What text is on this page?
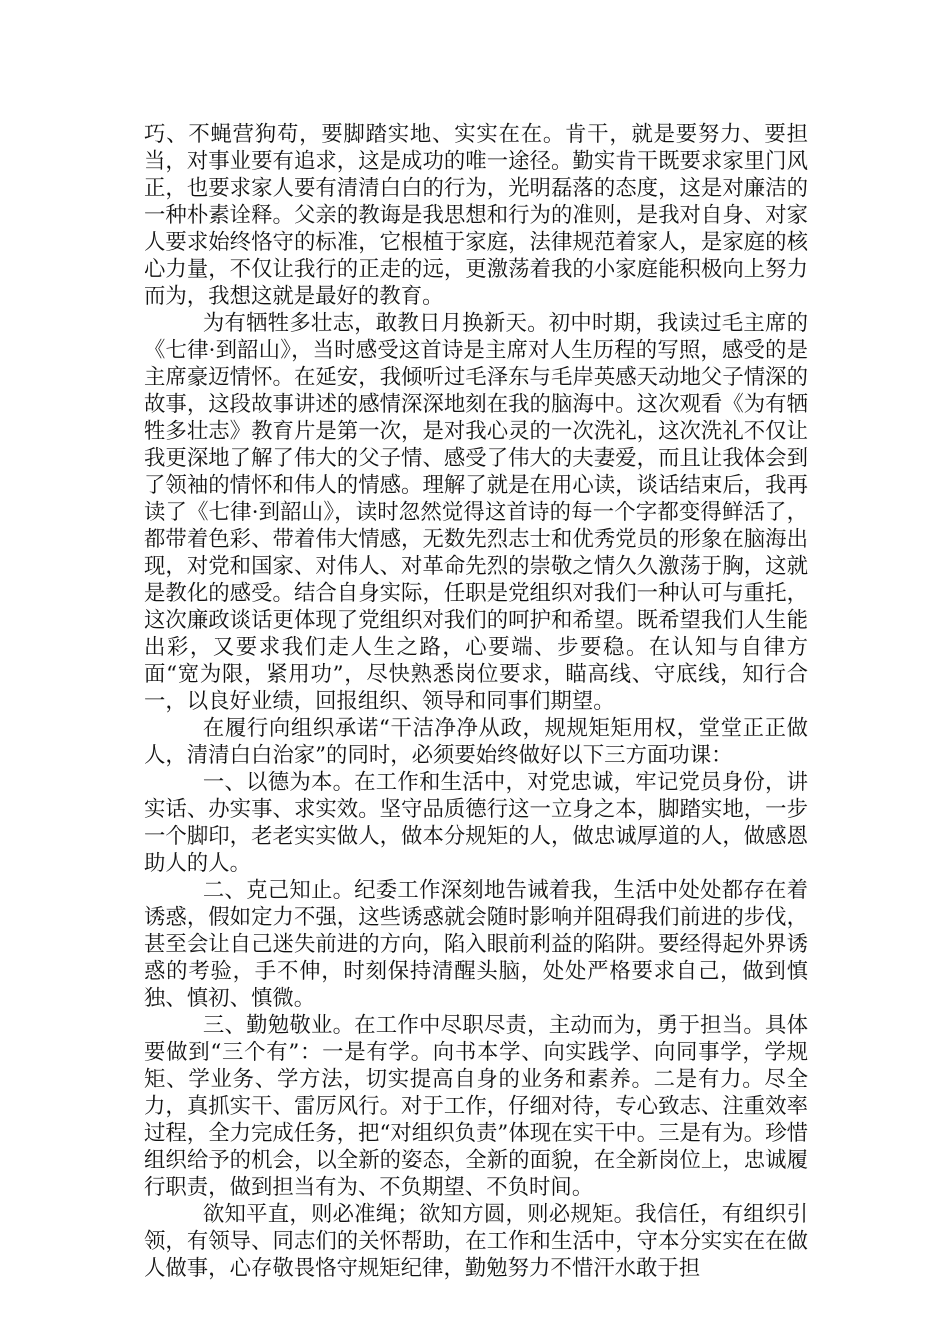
巧、不蝇营狗苟，要脚踏实地、实实在在。肯干，就是要努力、要担当，对事业要有追求，这是成功的唯一途径。勤实肯干既要求家里门风正，也要求家人要有清清白白的行为，光明磊落的态度，这是对廉洁的一种朴素诠释。父亲的教诲是我思想和行为的准则，是我对自身、对家人要求始终恪守的标准，它根植于家庭，法律规范着家人，是家庭的核心力量，不仅让我行的正走的远，更激荡着我的小家庭能积极向上努力而为，我想这就是最好的教育。

为有牺牲多壮志，敢教日月换新天。初中时期，我读过毛主席的《七律·到韶山》，当时感受这首诗是主席对人生历程的写照，感受的是主席豪迈情怀。在延安，我倾听过毛泽东与毛岸英感天动地父子情深的故事，这段故事讲述的感情深深地刻在我的脑海中。这次观看《为有牺牲多壮志》教育片是第一次，是对我心灵的一次洗礼，这次洗礼不仅让我更深地了解了伟大的父子情、感受了伟大的夫妻爱，而且让我体会到了领袖的情怀和伟人的情感。理解了就是在用心读，谈话结束后，我再读了《七律·到韶山》，读时忽然觉得这首诗的每一个字都变得鲜活了，都带着色彩、带着伟大情感，无数先烈志士和优秀党员的形象在脑海出现，对党和国家、对伟人、对革命先烈的崇敬之情久久激荡于胸，这就是教化的感受。结合自身实际，任职是党组织对我们一种认可与重托，这次廉政谈话更体现了党组织对我们的呵护和希望。既希望我们人生能出彩，又要求我们走人生之路，心要端、步要稳。在认知与自律方面“宽为限，紧用功”，尽快熟悉岗位要求，瞄高线、守底线，知行合一，以良好业绩，回报组织、领导和同事们期望。

在履行向组织承诺“干洁净净从政，规规矩矩用权，堂堂正正做人，清清白白治家”的同时，必须要始终做好以下三方面功课：

一、以德为本。在工作和生活中，对党忠诚，牢记党员身份，讲实话、办实事、求实效。坚守品质德行这一立身之本，脚踏实地，一步一个脚印，老老实实做人，做本分规矩的人，做忠诚厚道的人，做感恩助人的人。

二、克己知止。纪委工作深刻地告诫着我，生活中处处都存在着诱惑，假如定力不强，这些诱惑就会随时影响并阻碍我们前进的步伐，甚至会让自己迷失前进的方向，陷入眼前利益的陷阱。要经得起外界诱惑的考验，手不伸，时刻保持清醒头脑，处处严格要求自己，做到慎独、慎初、慎微。

三、勤勉敬业。在工作中尽职尽责，主动而为，勇于担当。具体要做到“三个有”：一是有学。向书本学、向实践学、向同事学，学规矩、学业务、学方法，切实提高自身的业务和素养。二是有力。尽全力，真抓实干、雷厉风行。对于工作，仔细对待，专心致志、注重效率过程，全力完成任务，把“对组织负责”体现在实干中。三是有为。珍惜组织给予的机会，以全新的姿态，全新的面貌，在全新岗位上，忠诚履行职责，做到担当有为、不负期望、不负时间。

欲知平直，则必准绳；欲知方圆，则必规矩。我信任，有组织引领，有领导、同志们的关怀帮助，在工作和生活中，守本分实实在在做人做事，心存敬畏恪守规矩纪律，勤勉努力不惜汗水敢于担
